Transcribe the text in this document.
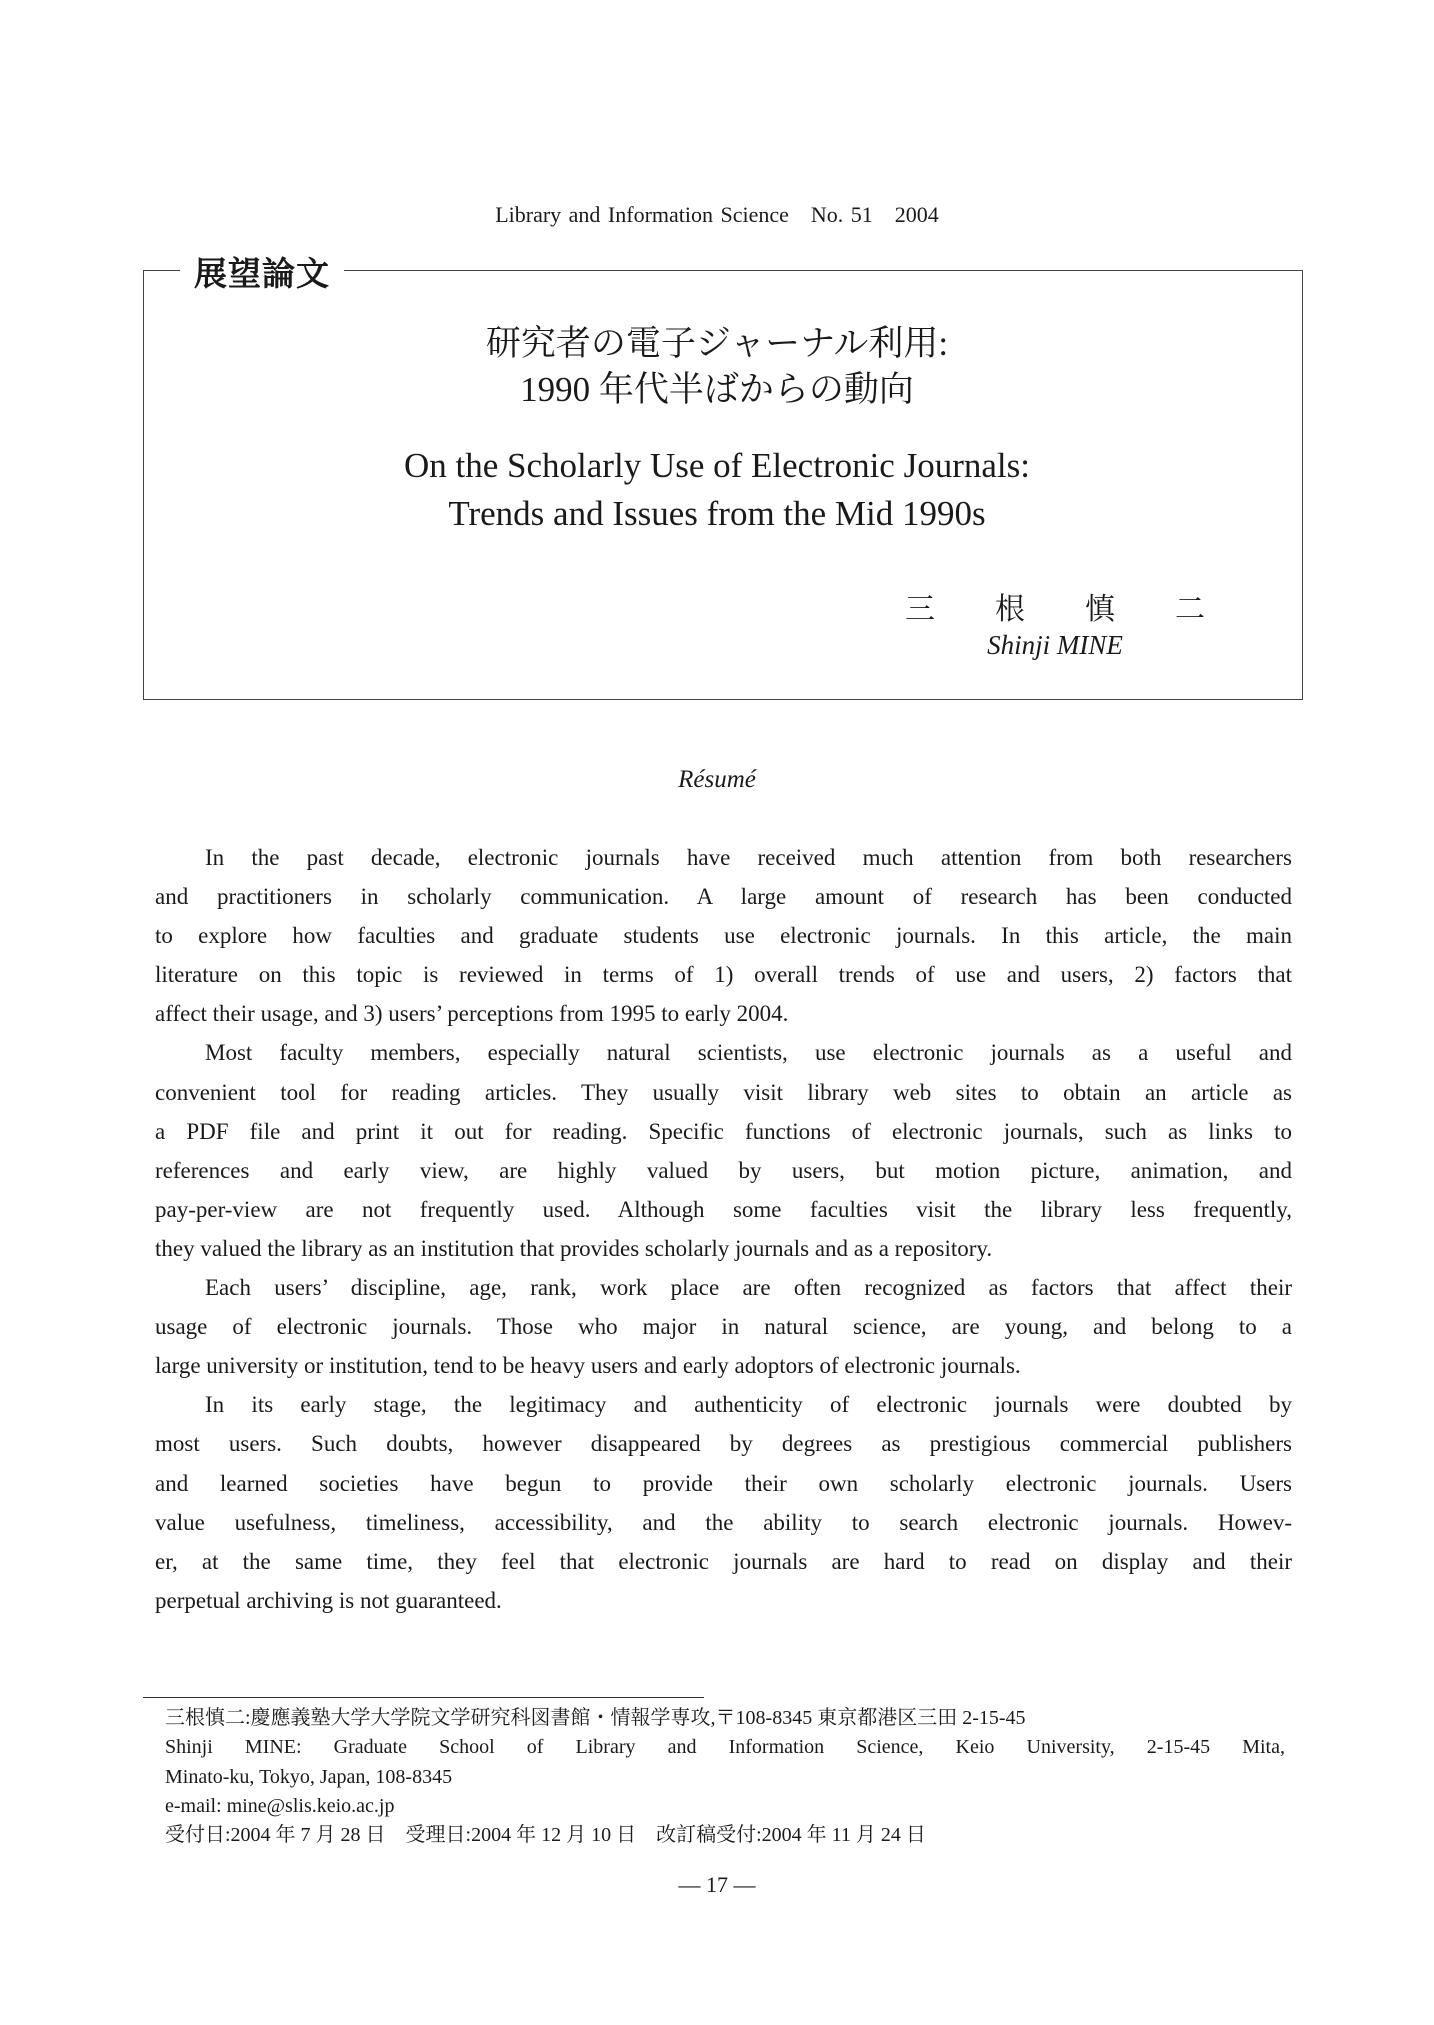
Library and Information Science　No. 51　2004
展望論文
研究者の電子ジャーナル利用:
1990 年代半ばからの動向
On the Scholarly Use of Electronic Journals:
Trends and Issues from the Mid 1990s
三 根 慎 二
Shinji MINE
Résumé
In the past decade, electronic journals have received much attention from both researchers
and practitioners in scholarly communication. A large amount of research has been conducted
to explore how faculties and graduate students use electronic journals. In this article, the main
literature on this topic is reviewed in terms of 1) overall trends of use and users, 2) factors that
affect their usage, and 3) users’ perceptions from 1995 to early 2004.
Most faculty members, especially natural scientists, use electronic journals as a useful and
convenient tool for reading articles. They usually visit library web sites to obtain an article as
a PDF file and print it out for reading. Specific functions of electronic journals, such as links to
references and early view, are highly valued by users, but motion picture, animation, and
pay-per-view are not frequently used. Although some faculties visit the library less frequently,
they valued the library as an institution that provides scholarly journals and as a repository.
Each users’ discipline, age, rank, work place are often recognized as factors that affect their
usage of electronic journals. Those who major in natural science, are young, and belong to a
large university or institution, tend to be heavy users and early adoptors of electronic journals.
In its early stage, the legitimacy and authenticity of electronic journals were doubted by
most users. Such doubts, however disappeared by degrees as prestigious commercial publishers
and learned societies have begun to provide their own scholarly electronic journals. Users
value usefulness, timeliness, accessibility, and the ability to search electronic journals. Howev-
er, at the same time, they feel that electronic journals are hard to read on display and their
perpetual archiving is not guaranteed.
三根慎二:慶應義塾大学大学院文学研究科図書館・情報学専攻,〒108-8345 東京都港区三田 2-15-45
Shinji MINE: Graduate School of Library and Information Science, Keio University, 2-15-45 Mita,
Minato-ku, Tokyo, Japan, 108-8345
e-mail: mine@slis.keio.ac.jp
受付日:2004 年 7 月 28 日　受理日:2004 年 12 月 10 日　改訂稿受付:2004 年 11 月 24 日
— 17 —
